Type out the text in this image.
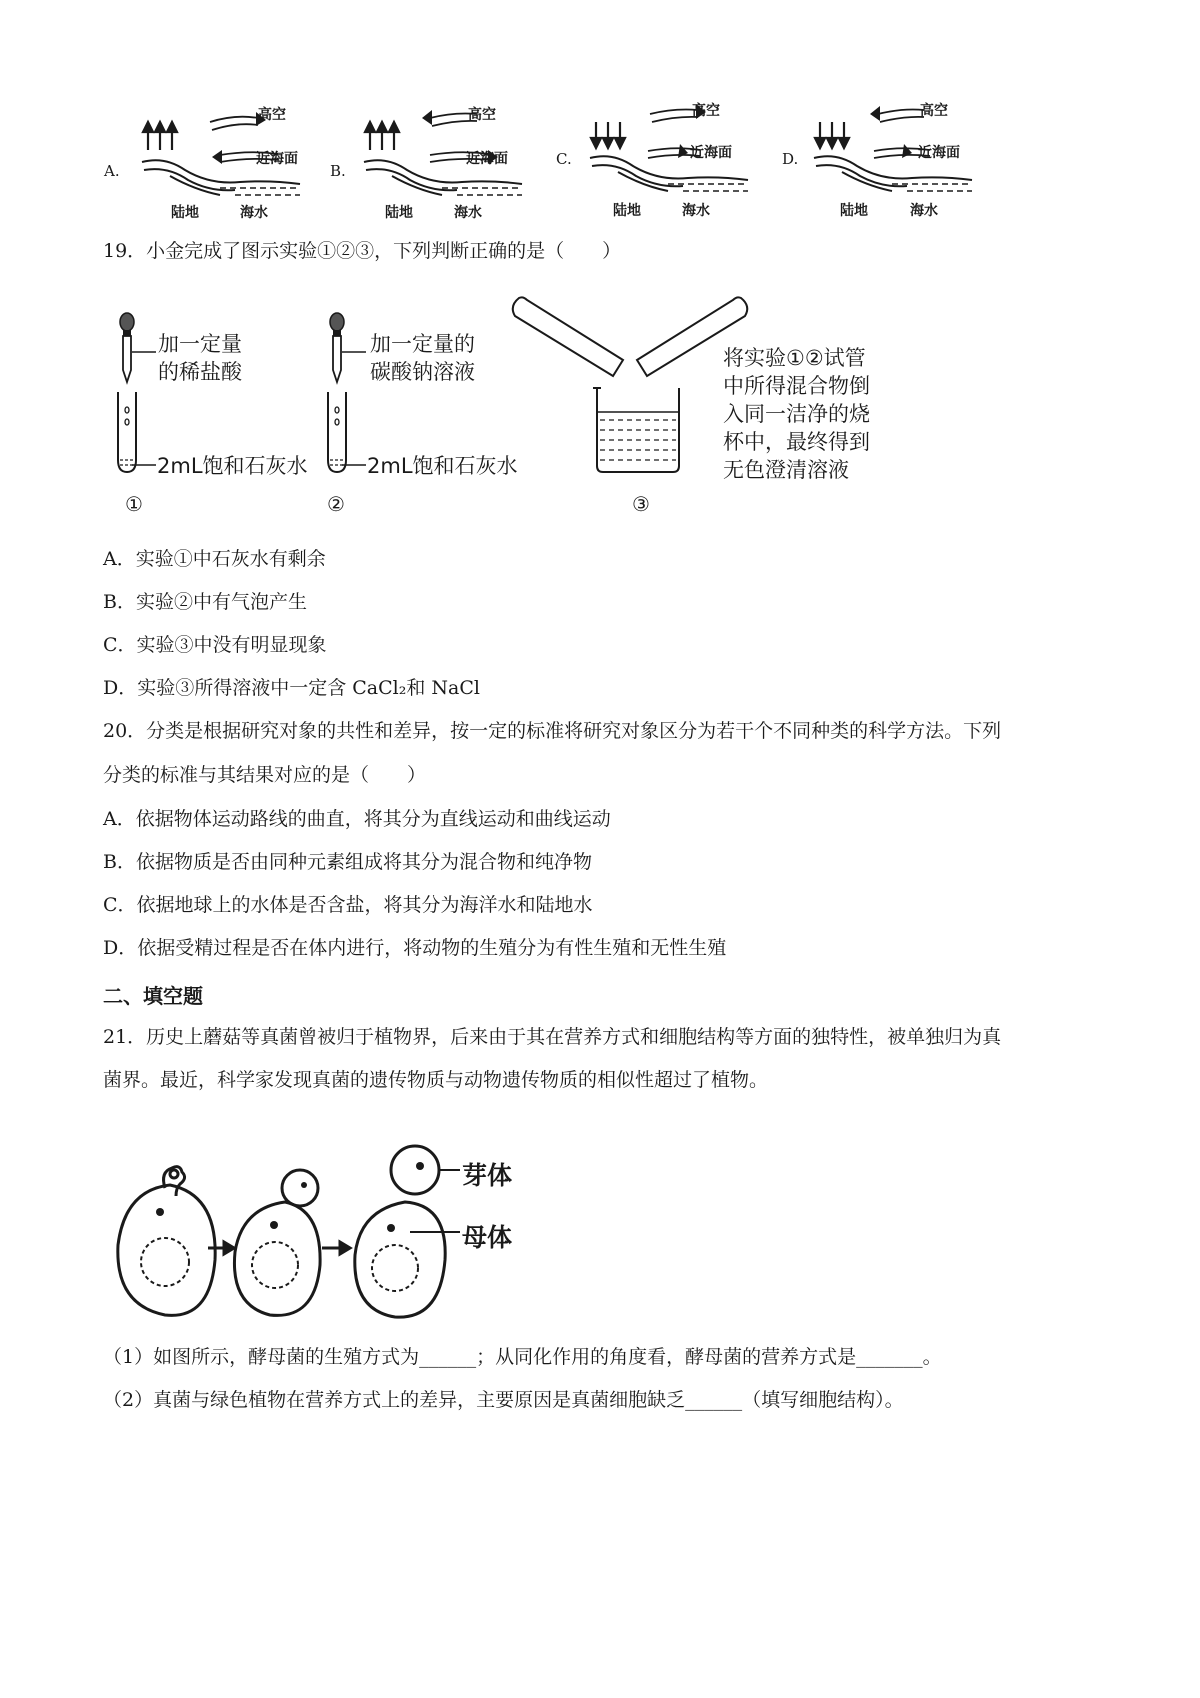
A.
高空
近海面
陆地	海水
B.
高空
近海面
陆地	海水
C.
高空
近海面
陆地	海水
D.
高空
近海面
陆地	海水
19．小金完成了图示实验①②③，下列判断正确的是（　　）
加一定量
的稀盐酸
2mL饱和石灰水
①
加一定量的
碳酸钠溶液
2mL饱和石灰水
②
将实验①②试管
中所得混合物倒
入同一洁净的烧
杯中，最终得到
无色澄清溶液
③
A．实验①中石灰水有剩余
B．实验②中有气泡产生
C．实验③中没有明显现象
D．实验③所得溶液中一定含 CaCl₂和 NaCl
20．分类是根据研究对象的共性和差异，按一定的标准将研究对象区分为若干个不同种类的科学方法。下列
分类的标准与其结果对应的是（　　）
A．依据物体运动路线的曲直，将其分为直线运动和曲线运动
B．依据物质是否由同种元素组成将其分为混合物和纯净物
C．依据地球上的水体是否含盐，将其分为海洋水和陆地水
D．依据受精过程是否在体内进行，将动物的生殖分为有性生殖和无性生殖
二、填空题
21．历史上蘑菇等真菌曾被归于植物界，后来由于其在营养方式和细胞结构等方面的独特性，被单独归为真
菌界。最近，科学家发现真菌的遗传物质与动物遗传物质的相似性超过了植物。
芽体
母体
（1）如图所示，酵母菌的生殖方式为______；从同化作用的角度看，酵母菌的营养方式是_______。
（2）真菌与绿色植物在营养方式上的差异，主要原因是真菌细胞缺乏______（填写细胞结构）。
